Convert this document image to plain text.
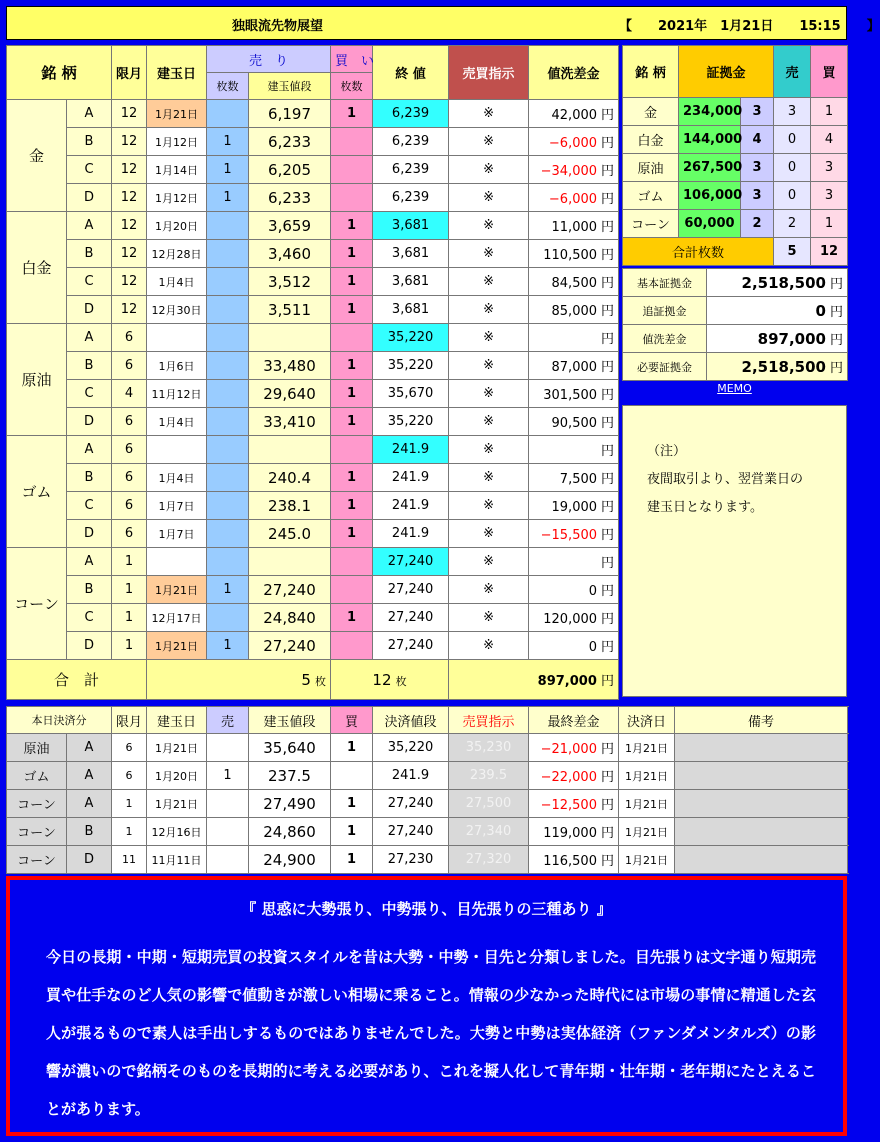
独眼流先物展望	【　　2021年　1月21日　　15:15　　】
銘 柄		限月	建玉日	売　り		買　い	終 値	売買指示	値洗差金
				枚数	建玉値段	枚数			
金	A	12	1月21日		6,197	1	6,239	※	42,000 円
	B	12	1月12日	1	6,233		6,239	※	−6,000 円
	C	12	1月14日	1	6,205		6,239	※	−34,000 円
	D	12	1月12日	1	6,233		6,239	※	−6,000 円
白金	A	12	1月20日		3,659	1	3,681	※	11,000 円
	B	12	12月28日		3,460	1	3,681	※	110,500 円
	C	12	1月4日		3,512	1	3,681	※	84,500 円
	D	12	12月30日		3,511	1	3,681	※	85,000 円
原油	A	6					35,220	※	円
	B	6	1月6日		33,480	1	35,220	※	87,000 円
	C	4	11月12日		29,640	1	35,670	※	301,500 円
	D	6	1月4日		33,410	1	35,220	※	90,500 円
ゴム	A	6					241.9	※	円
	B	6	1月4日		240.4	1	241.9	※	7,500 円
	C	6	1月7日		238.1	1	241.9	※	19,000 円
	D	6	1月7日		245.0	1	241.9	※	−15,500 円
コーン	A	1					27,240	※	円
	B	1	1月21日	1	27,240		27,240	※	0 円
	C	1	12月17日		24,840	1	27,240	※	120,000 円
	D	1	1月21日	1	27,240		27,240	※	0 円
合　計			5 枚			12 枚		897,000 円	
銘 柄	証拠金		売	買
金	234,000	3	3	1
白金	144,000	4	0	4
原油	267,500	3	0	3
ゴム	106,000	3	0	3
コーン	60,000	2	2	1
合計枚数			5	12
基本証拠金	2,518,500 円
追証拠金	0 円
値洗差金	897,000 円
必要証拠金	2,518,500 円
MEMO
（注）
夜間取引より、翌営業日の
建玉日となります。
本日決済分		限月	建玉日	売	建玉値段	買	決済値段	売買指示	最終差金	決済日	備考
原油	A	6	1月21日		35,640	1	35,220	35,230	−21,000 円	1月21日	
ゴム	A	6	1月20日	1	237.5		241.9	239.5	−22,000 円	1月21日	
コーン	A	1	1月21日		27,490	1	27,240	27,500	−12,500 円	1月21日	
コーン	B	1	12月16日		24,860	1	27,240	27,340	119,000 円	1月21日	
コーン	D	11	11月11日		24,900	1	27,230	27,320	116,500 円	1月21日	
『 思惑に大勢張り、中勢張り、目先張りの三種あり 』
今日の長期・中期・短期売買の投資スタイルを昔は大勢・中勢・目先と分類しました。目先張りは文字通り短期売買や仕手なのど人気の影響で値動きが激しい相場に乗ること。情報の少なかった時代には市場の事情に精通した玄人が張るもので素人は手出しするものではありませんでした。大勢と中勢は実体経済（ファンダメンタルズ）の影響が濃いので銘柄そのものを長期的に考える必要があり、これを擬人化して青年期・壮年期・老年期にたとえることがあります。
